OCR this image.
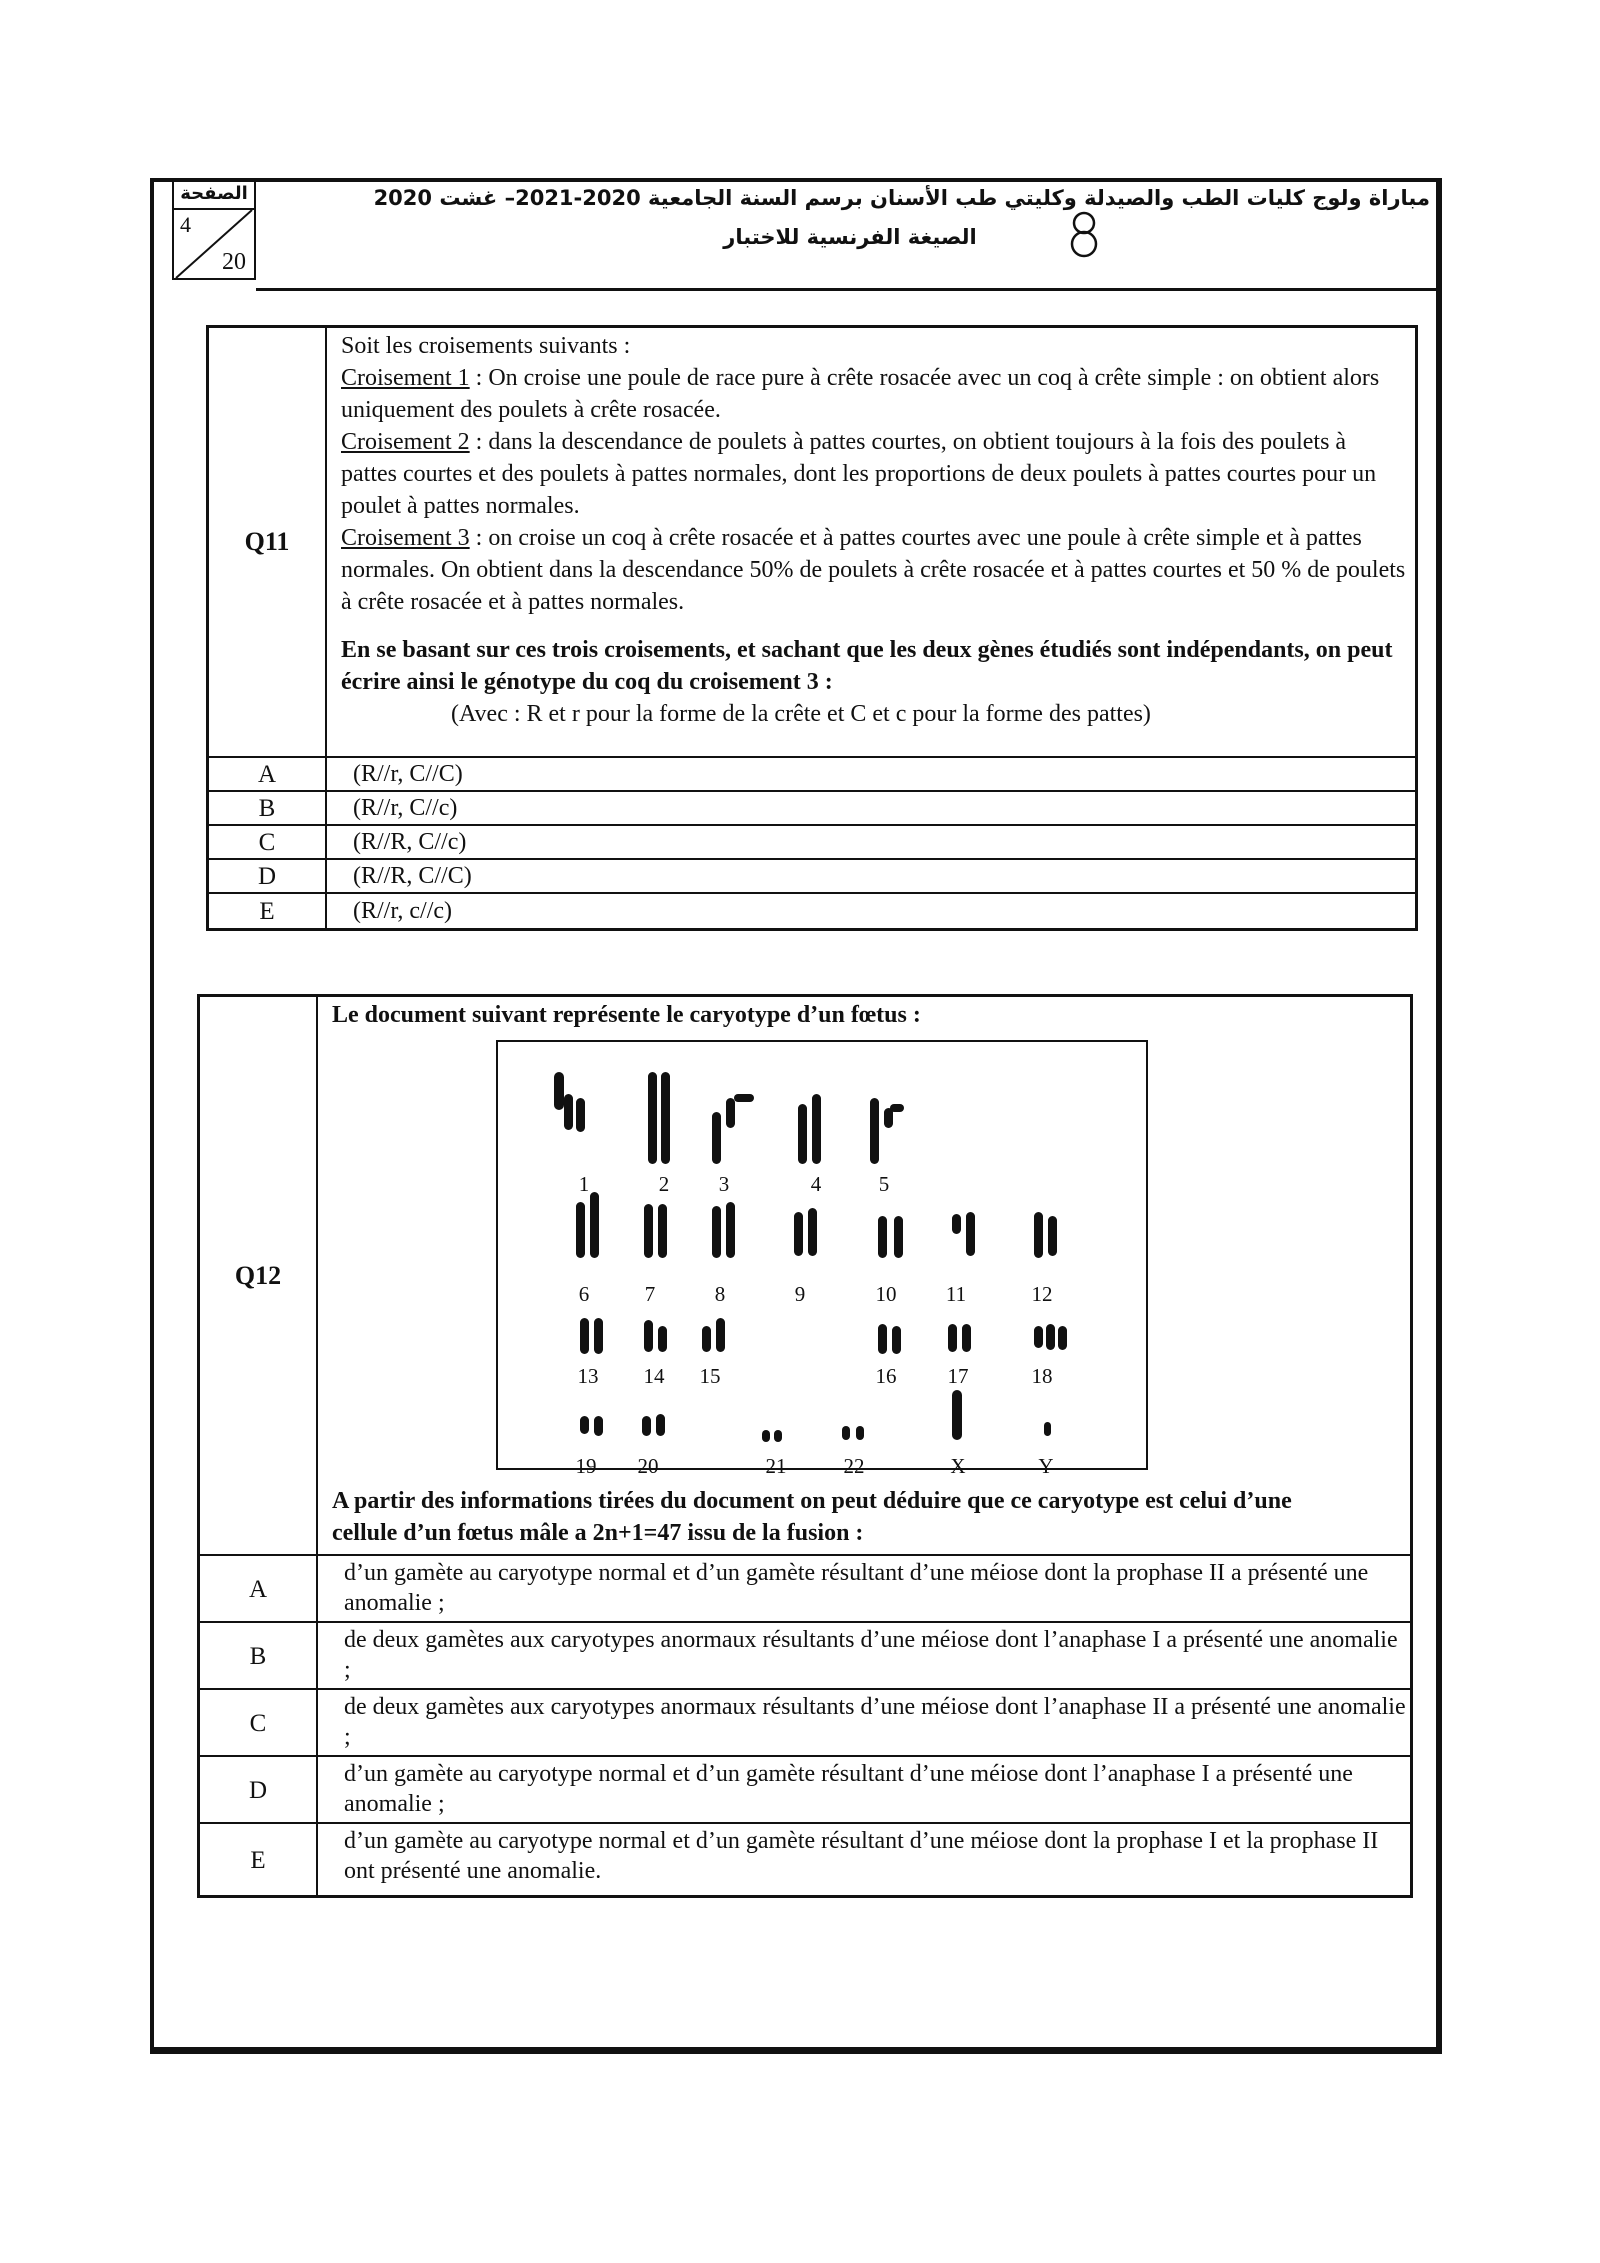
الصفحة
4
20
مباراة ولوج كليات الطب والصيدلة وكليتي طب الأسنان برسم السنة الجامعية 2020-2021– غشت 2020
الصيغة الفرنسية للاختبار
Q11

Soit les croisements suivants :

Croisement 1 : On croise une poule de race pure à crête rosacée avec un coq à crête simple : on obtient alors uniquement des poulets à crête rosacée.

Croisement 2 : dans la descendance de poulets à pattes courtes, on obtient toujours à la fois des poulets à pattes courtes et des poulets à pattes normales, dont les proportions de deux poulets à pattes courtes pour un poulet à pattes normales.

Croisement 3 : on croise un coq à crête rosacée et à pattes courtes avec une poule à crête simple et à pattes normales. On obtient dans la descendance 50% de poulets à crête rosacée et à pattes courtes et 50 % de poulets à crête rosacée et à pattes normales.

En se basant sur ces trois croisements, et sachant que les deux gènes étudiés sont indépendants, on peut écrire ainsi le génotype du coq du croisement 3 :

(Avec : R et r pour la forme de la crête et C et c pour la forme des pattes)

A	(R//r, C//C)
B	(R//r, C//c)
C	(R//R, C//c)
D	(R//R, C//C)
E	(R//r, c//c)
Q12

Le document suivant représente le caryotype d’un fœtus :

A partir des informations tirées du document on peut déduire que ce caryotype est celui d’une cellule d’un fœtus mâle a 2n+1=47 issu de la fusion :

A
d’un gamète au caryotype normal et d’un gamète résultant d’une méiose dont la prophase II a présenté une anomalie ;
B
de deux gamètes aux caryotypes anormaux résultants d’une méiose dont l’anaphase I a présenté une anomalie ;
C
de deux gamètes aux caryotypes anormaux résultants d’une méiose dont l’anaphase II a présenté une anomalie ;
D
d’un gamète au caryotype normal et d’un gamète résultant d’une méiose dont l’anaphase I a présenté une anomalie ;
E
d’un gamète au caryotype normal et d’un gamète résultant d’une méiose dont la prophase I et la prophase II ont présenté une anomalie.
1	2	3	4	5
6	7	8	9	10	11	12
13	14	15	16	17	18
19	20	21	22	X	Y
